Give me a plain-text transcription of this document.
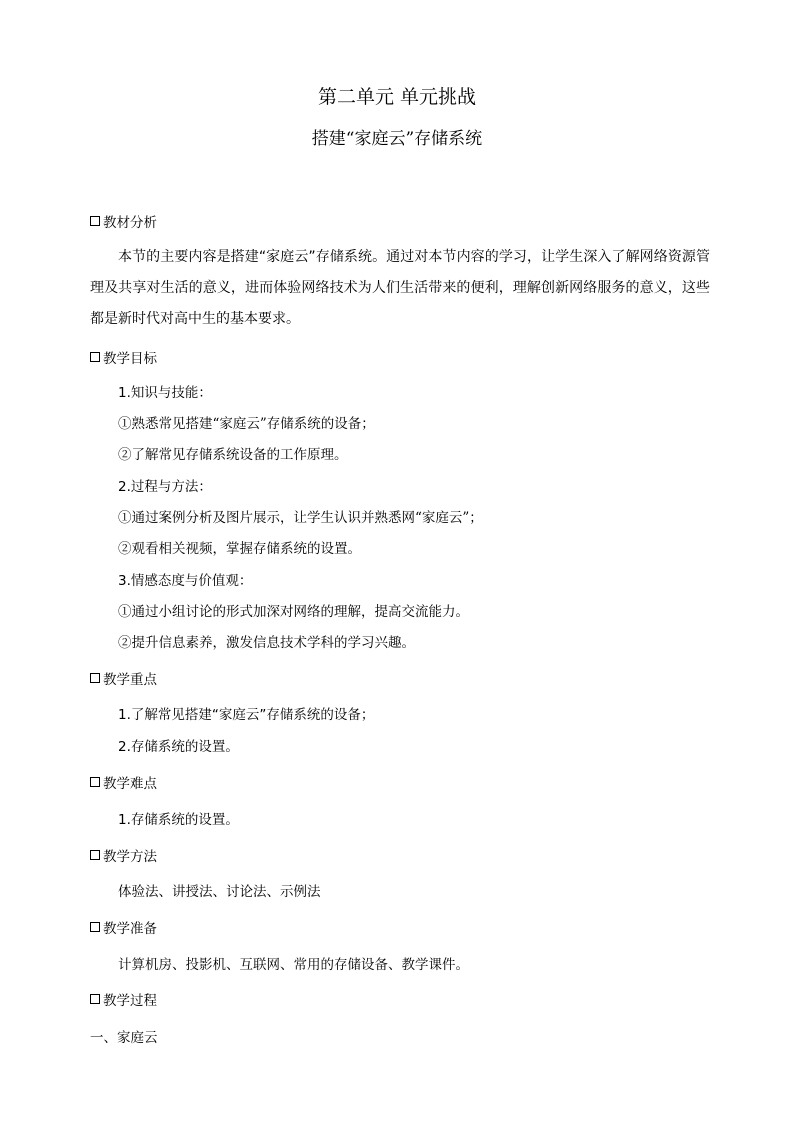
第二单元 单元挑战
搭建“家庭云”存储系统
教材分析
本节的主要内容是搭建“家庭云”存储系统。通过对本节内容的学习，让学生深入了解网络资源管理及共享对生活的意义，进而体验网络技术为人们生活带来的便利，理解创新网络服务的意义，这些都是新时代对高中生的基本要求。
教学目标
1.知识与技能：
①熟悉常见搭建“家庭云”存储系统的设备；
②了解常见存储系统设备的工作原理。
2.过程与方法：
①通过案例分析及图片展示，让学生认识并熟悉网“家庭云”；
②观看相关视频，掌握存储系统的设置。
3.情感态度与价值观：
①通过小组讨论的形式加深对网络的理解，提高交流能力。
②提升信息素养，激发信息技术学科的学习兴趣。
教学重点
1.了解常见搭建“家庭云”存储系统的设备；
2.存储系统的设置。
教学难点
1.存储系统的设置。
教学方法
体验法、讲授法、讨论法、示例法
教学准备
计算机房、投影机、互联网、常用的存储设备、教学课件。
教学过程
一、家庭云
